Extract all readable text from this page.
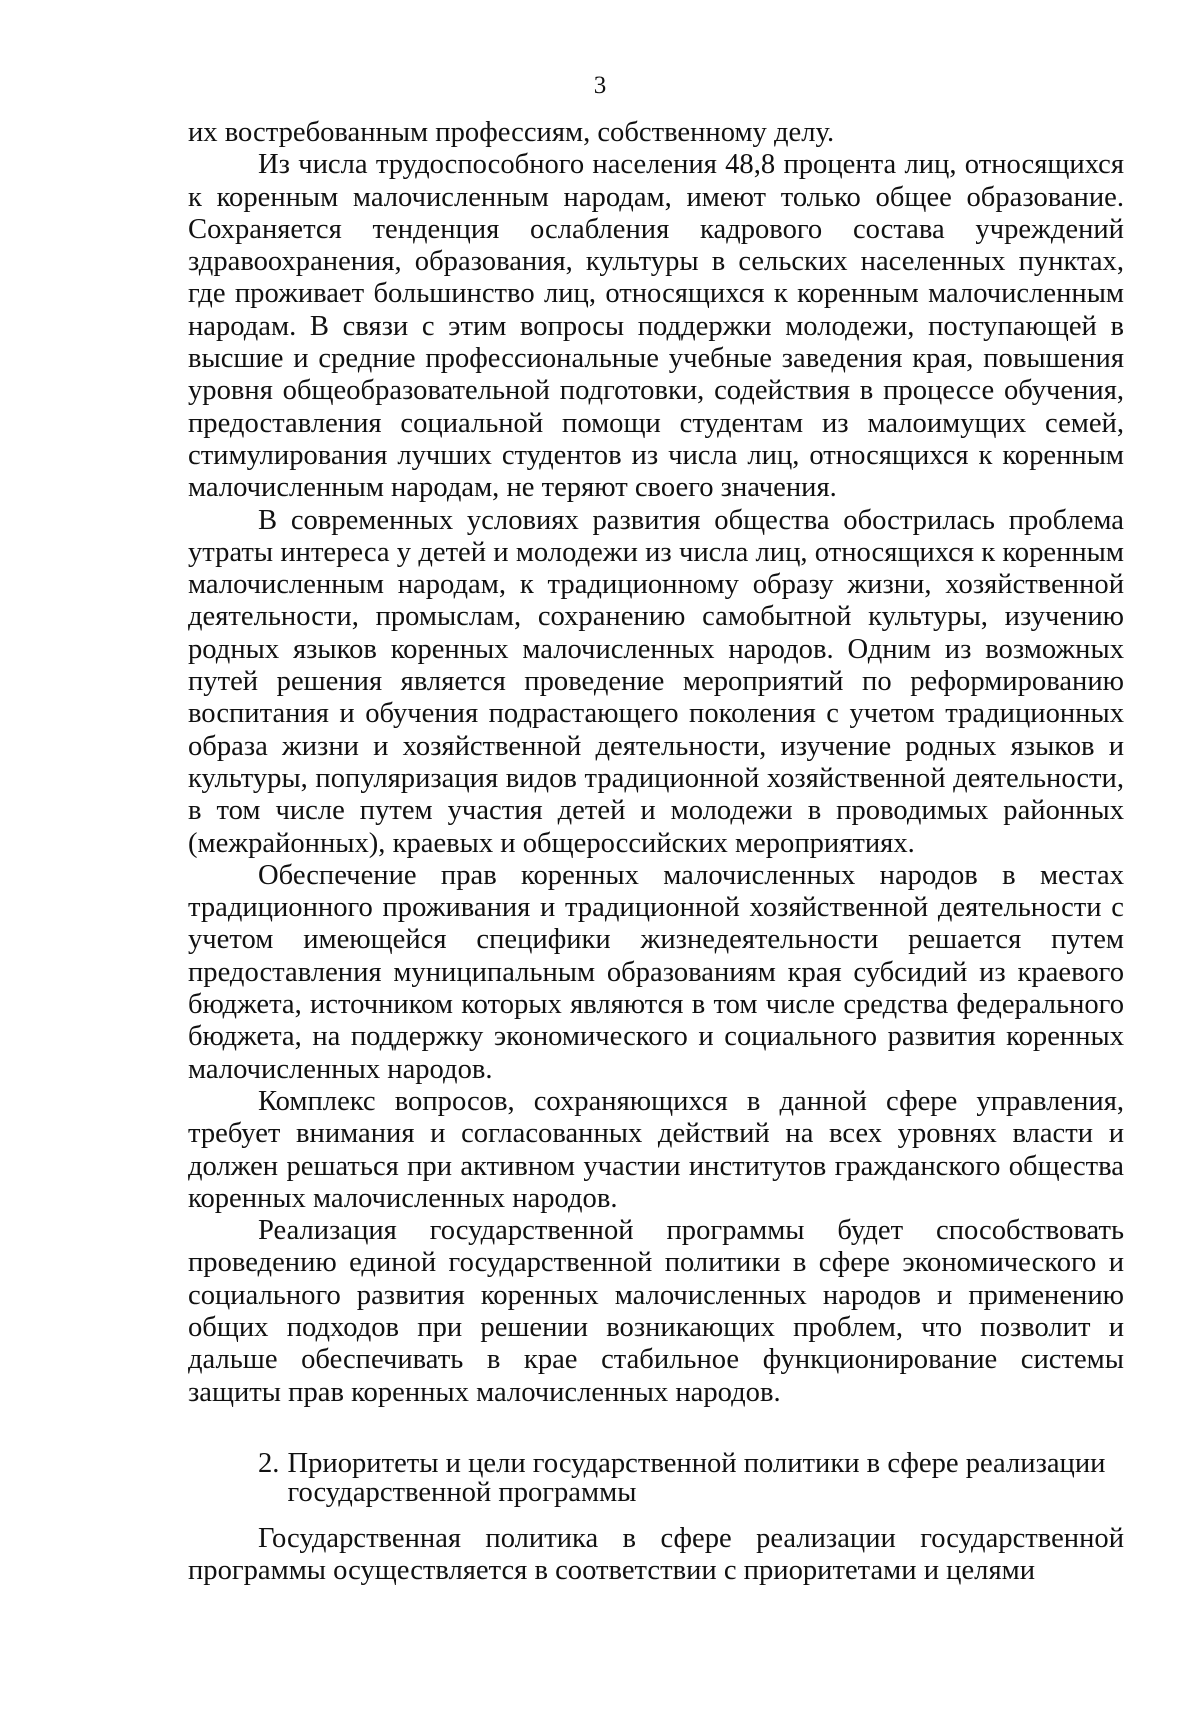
3

их востребованным профессиям, собственному делу.

Из числа трудоспособного населения 48,8 процента лиц, относящихся к коренным малочисленным народам, имеют только общее образование. Сохраняется тенденция ослабления кадрового состава учреждений здравоохранения, образования, культуры в сельских населенных пунктах, где проживает большинство лиц, относящихся к коренным малочисленным народам. В связи с этим вопросы поддержки молодежи, поступающей в высшие и средние профессиональные учебные заведения края, повышения уровня общеобразовательной подготовки, содействия в процессе обучения, предоставления социальной помощи студентам из малоимущих семей, стимулирования лучших студентов из числа лиц, относящихся к коренным малочисленным народам, не теряют своего значения.

В современных условиях развития общества обострилась проблема утраты интереса у детей и молодежи из числа лиц, относящихся к коренным малочисленным народам, к традиционному образу жизни, хозяйственной деятельности, промыслам, сохранению самобытной культуры, изучению родных языков коренных малочисленных народов. Одним из возможных путей решения является проведение мероприятий по реформированию воспитания и обучения подрастающего поколения с учетом традиционных образа жизни и хозяйственной деятельности, изучение родных языков и культуры, популяризация видов традиционной хозяйственной деятельности, в том числе путем участия детей и молодежи в проводимых районных (межрайонных), краевых и общероссийских мероприятиях.

Обеспечение прав коренных малочисленных народов в местах традиционного проживания и традиционной хозяйственной деятельности с учетом имеющейся специфики жизнедеятельности решается путем предоставления муниципальным образованиям края субсидий из краевого бюджета, источником которых являются в том числе средства федерального бюджета, на поддержку экономического и социального развития коренных малочисленных народов.

Комплекс вопросов, сохраняющихся в данной сфере управления, требует внимания и согласованных действий на всех уровнях власти и должен решаться при активном участии институтов гражданского общества коренных малочисленных народов.

Реализация государственной программы будет способствовать проведению единой государственной политики в сфере экономического и социального развития коренных малочисленных народов и применению общих подходов при решении возникающих проблем, что позволит и дальше обеспечивать в крае стабильное функционирование системы защиты прав коренных малочисленных народов.

2. Приоритеты и цели государственной политики в сфере реализации государственной программы

Государственная политика в сфере реализации государственной программы осуществляется в соответствии с приоритетами и целями
